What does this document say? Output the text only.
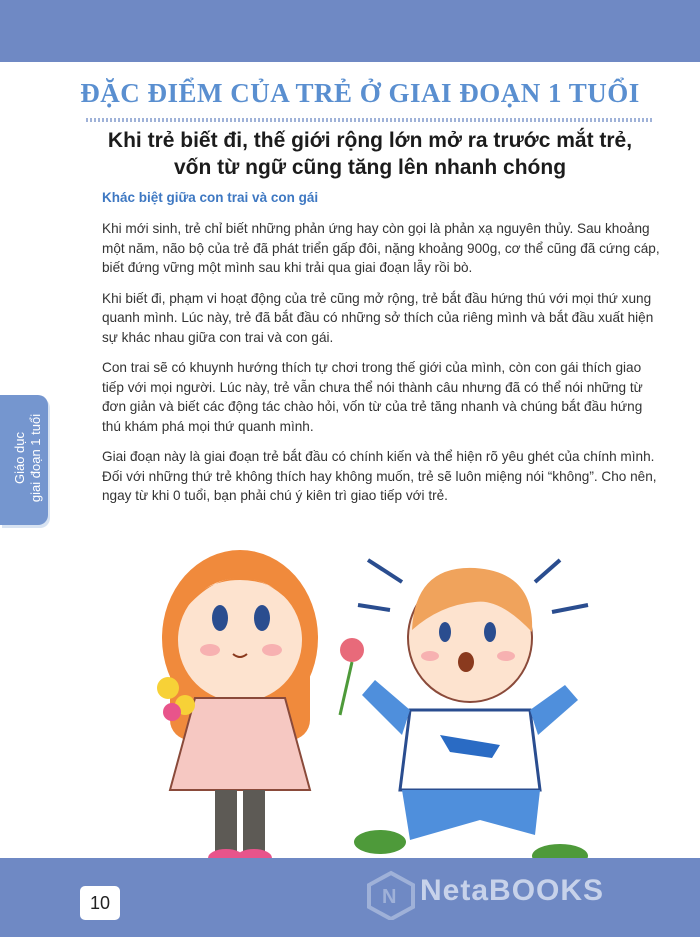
ĐẶC ĐIỂM CỦA TRẺ Ở GIAI ĐOẠN 1 TUỔI
Khi trẻ biết đi, thế giới rộng lớn mở ra trước mắt trẻ,
vốn từ ngữ cũng tăng lên nhanh chóng
Khác biệt giữa con trai và con gái

Khi mới sinh, trẻ chỉ biết những phản ứng hay còn gọi là phản xạ nguyên thủy. Sau khoảng một năm, não bộ của trẻ đã phát triển gấp đôi, nặng khoảng 900g, cơ thể cũng đã cứng cáp, biết đứng vững một mình sau khi trải qua giai đoạn lẫy rồi bò.

Khi biết đi, phạm vi hoạt động của trẻ cũng mở rộng, trẻ bắt đầu hứng thú với mọi thứ xung quanh mình. Lúc này, trẻ đã bắt đầu có những sở thích của riêng mình và bắt đầu xuất hiện sự khác nhau giữa con trai và con gái.

Con trai sẽ có khuynh hướng thích tự chơi trong thế giới của mình, còn con gái thích giao tiếp với mọi người. Lúc này, trẻ vẫn chưa thể nói thành câu nhưng đã có thể nói những từ đơn giản và biết các động tác chào hỏi, vốn từ của trẻ tăng nhanh và chúng bắt đầu hứng thú khám phá mọi thứ quanh mình.

Giai đoạn này là giai đoạn trẻ bắt đầu có chính kiến và thể hiện rõ yêu ghét của chính mình. Đối với những thứ trẻ không thích hay không muốn, trẻ sẽ luôn miệng nói “không”. Cho nên, ngay từ khi 0 tuổi, bạn phải chú ý kiên trì giao tiếp với trẻ.

Giáo dục giai đoạn 1 tuổi
10	N NetaBOOKS
